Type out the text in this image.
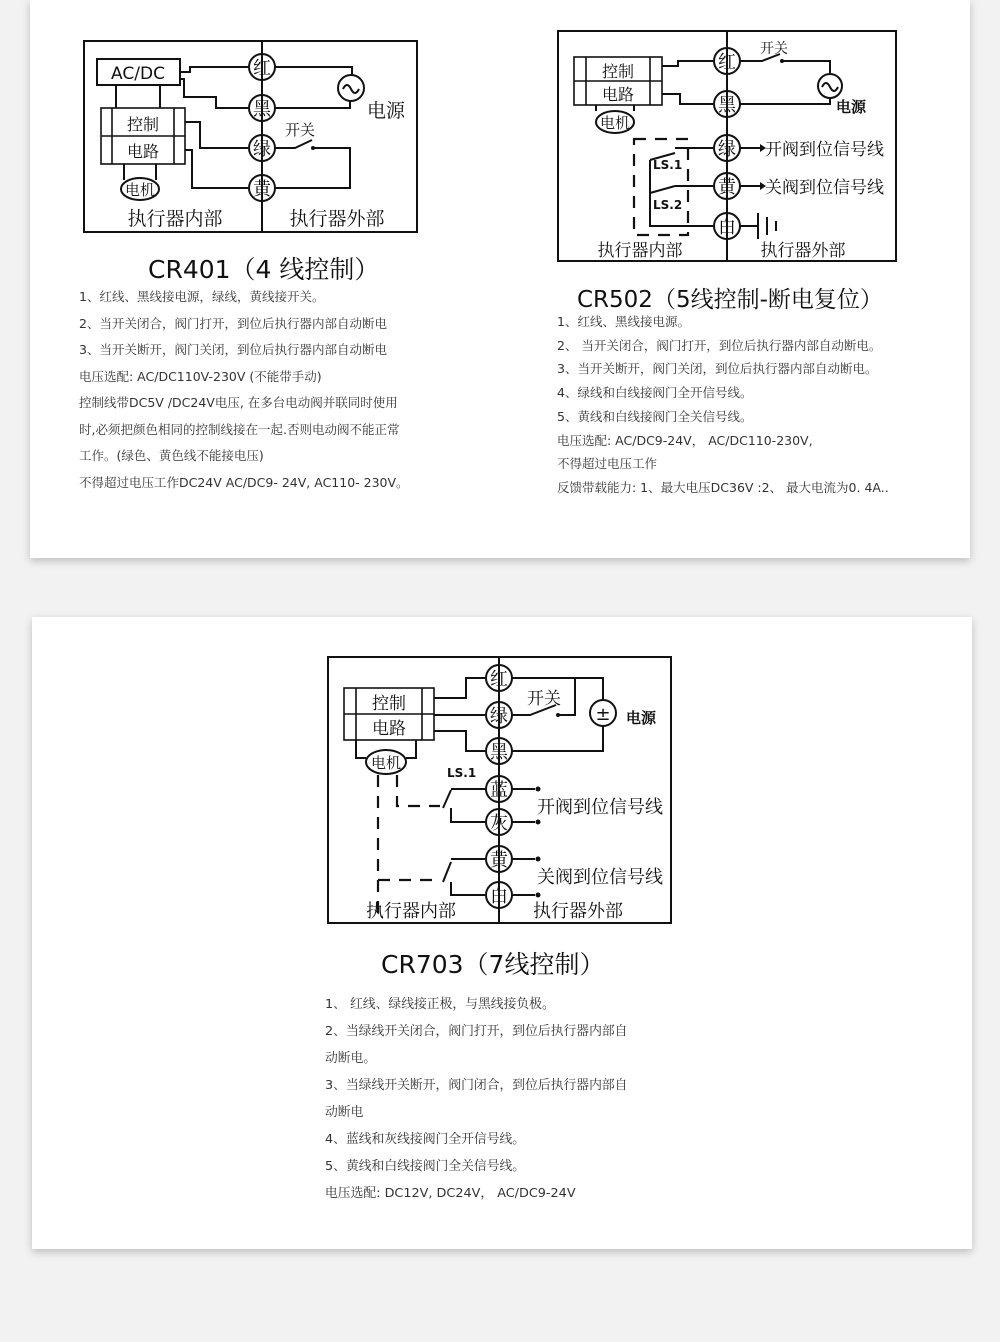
AC/DC
控制
电路
电机
红
黑
绿
黄
电源
开关
执行器内部	执行器外部
CR401（4 线控制）
1、红线、黑线接电源，绿线，黄线接开关。
2、当开关闭合，阀门打开，到位后执行器内部自动断电
3、当开关断开，阀门关闭，到位后执行器内部自动断电
电压选配: AC/DC110V-230V (不能带手动)
控制线带DC5V /DC24V电压, 在多台电动阀并联同时使用
时,必须把颜色相同的控制线接在一起.否则电动阀不能正常
工作。(绿色、黄色线不能接电压)
不得超过电压工作DC24V AC/DC9- 24V, AC110- 230V。
控制
电路
电机
LS.1
LS.2
红
黑
绿
黄
白
开关
电源
开阀到位信号线
关阀到位信号线
执行器内部	执行器外部
CR502（5线控制-断电复位）
1、红线、黑线接电源。
2、 当开关闭合，阀门打开，到位后执行器内部自动断电。
3、当开关断开，阀门关闭，到位后执行器内部自动断电。
4、绿线和白线接阀门全开信号线。
5、黄线和白线接阀门全关信号线。
电压选配: AC/DC9-24V， AC/DC110-230V,
不得超过电压工作
反馈带载能力: 1、最大电压DC36V :2、 最大电流为0. 4A..
控制
电路
电机
LS.1
红
绿
黑
蓝
灰
黄
白
开关
± 电源
开阀到位信号线
关阀到位信号线
执行器内部	执行器外部
CR703（7线控制）
1、 红线、绿线接正极，与黑线接负极。
2、当绿线开关闭合，阀门打开，到位后执行器内部自
动断电。
3、当绿线开关断开，阀门闭合，到位后执行器内部自
动断电
4、蓝线和灰线接阀门全开信号线。
5、黄线和白线接阀门全关信号线。
电压选配: DC12V, DC24V， AC/DC9-24V
